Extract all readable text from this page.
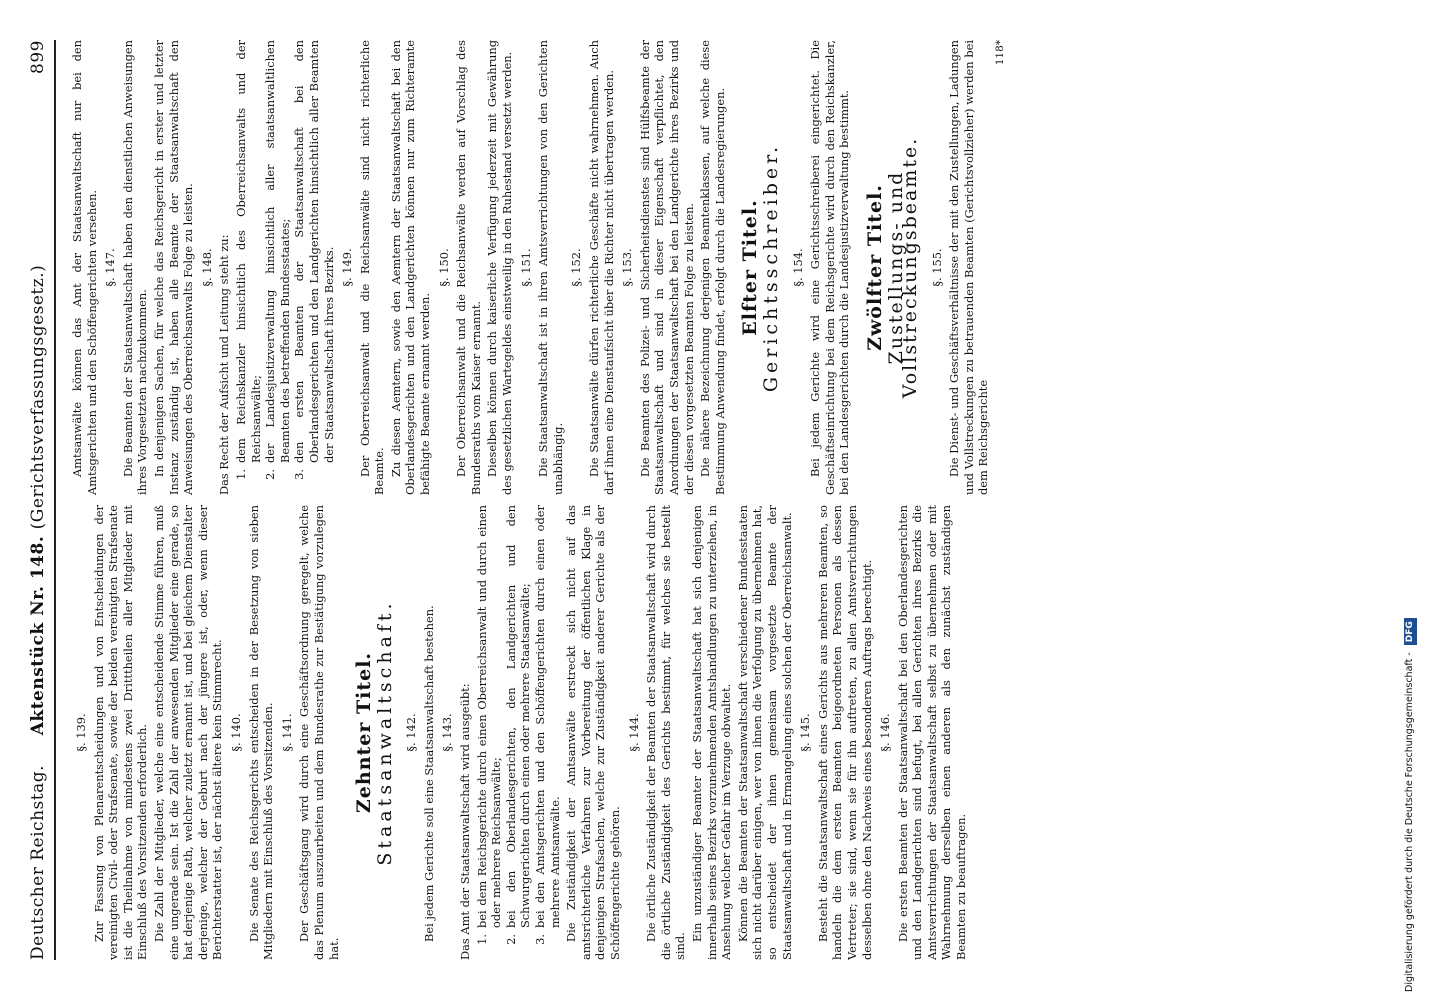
Deutscher Reichstag.
Aktenstück Nr. 148. (Gerichtsverfassungsgesetz.)
899
§. 139. Zur Fassung von Plenarentscheidungen und von Entscheidungen der vereinigten Civil- oder Strafsenate, sowie der beiden vereinigten Strafsenate ist die Theilnahme von mindestens zwei Dritttheilen aller Mitglieder mit Einschluß des Vorsitzenden erforderlich. Die Zahl der Mitglieder, welche eine entscheidende Stimme führen, muß eine ungerade sein. Ist die Zahl der anwesenden Mitglieder eine gerade, so hat derjenige Rath, welcher zuletzt ernannt ist, und bei gleichem Dienstalter derjenige, welcher der Geburt nach der jüngere ist, oder, wenn dieser Berichterstatter ist, der nächst ältere kein Stimmrecht. §. 140. Die Senate des Reichsgerichts entscheiden in der Besetzung von sieben Mitgliedern mit Einschluß des Vorsitzenden. §. 141. Der Geschäftsgang wird durch eine Geschäftsordnung geregelt, welche das Plenum auszuarbeiten und dem Bundesrathe zur Bestätigung vorzulegen hat.

Zehnter Titel.
Staatsanwaltschaft. §. 142. Bei jedem Gerichte soll eine Staatsanwaltschaft bestehen. §. 143. Das Amt der Staatsanwaltschaft wird ausgeübt: 1.
bei dem Reichsgerichte durch einen Oberreichsanwalt und durch einen oder mehrere Reichsanwälte;
2.
bei den Oberlandesgerichten, den Landgerichten und den Schwurgerichten durch einen oder mehrere Staatsanwälte;
3.
bei den Amtsgerichten und den Schöffengerichten durch einen oder mehrere Amtsanwälte. Die Zuständigkeit der Amtsanwälte erstreckt sich nicht auf das amtsrichterliche Verfahren zur Vorbereitung der öffentlichen Klage in denjenigen Strafsachen, welche zur Zuständigkeit anderer Gerichte als der Schöffengerichte gehören.

§. 144. Die örtliche Zuständigkeit der Beamten der Staatsanwaltschaft wird durch die örtliche Zuständigkeit des Gerichts bestimmt, für welches sie bestellt sind.

Ein unzuständiger Beamter der Staatsanwaltschaft hat sich denjenigen innerhalb seines Bezirks vorzunehmenden Amtshandlungen zu unterziehen, in Ansehung welcher Gefahr im Verzuge obwaltet. Können die Beamten der Staatsanwaltschaft verschiedener Bundesstaaten sich nicht darüber einigen, wer von ihnen die Verfolgung zu übernehmen hat, so entscheidet der ihnen gemeinsam vorgesetzte Beamte der Staatsanwaltschaft und in Ermangelung eines solchen der Oberreichsanwalt. §. 145. Besteht die Staatsanwaltschaft eines Gerichts aus mehreren Beamten, so handeln die dem ersten Beamten beigeordneten Personen als dessen Vertreter; sie sind, wenn sie für ihn auftreten, zu allen Amtsverrichtungen desselben ohne den Nachweis eines besonderen Auftrags berechtigt. §. 146. Die ersten Beamten der Staatsanwaltschaft bei den Oberlandesgerichten und den Landgerichten sind befugt, bei allen Gerichten ihres Bezirks die Amtsverrichtungen der Staatsanwaltschaft selbst zu übernehmen oder mit Wahrnehmung derselben einen anderen als den zunächst zuständigen Beamten zu beauftragen.

Amtsanwälte können das Amt der Staatsanwaltschaft nur bei den Amtsgerichten und den Schöffengerichten versehen. §. 147. Die Beamten der Staatsanwaltschaft haben den dienstlichen Anweisungen ihres Vorgesetzten nachzukommen. In denjenigen Sachen, für welche das Reichsgericht in erster und letzter Instanz zuständig ist, haben alle Beamte der Staatsanwaltschaft den Anweisungen des Oberreichsanwalts Folge zu leisten. §. 148. Das Recht der Aufsicht und Leitung steht zu: 1.
dem Reichskanzler hinsichtlich des Oberreichsanwalts und der Reichsanwälte;
2.
der Landesjustizverwaltung hinsichtlich aller staatsanwaltlichen Beamten des betreffenden Bundesstaates;
3.
den ersten Beamten der Staatsanwaltschaft bei den Oberlandesgerichten und den Landgerichten hinsichtlich aller Beamten der Staatsanwaltschaft ihres Bezirks. §. 149. Der Oberreichsanwalt und die Reichsanwälte sind nicht richterliche Beamte. Zu diesen Aemtern, sowie den Aemtern der Staatsanwaltschaft bei den Oberlandesgerichten und den Landgerichten können nur zum Richteramte befähigte Beamte ernannt werden.

§. 150. Der Oberreichsanwalt und die Reichsanwälte werden auf Vorschlag des Bundesraths vom Kaiser ernannt. Dieselben können durch kaiserliche Verfügung jederzeit mit Gewährung des gesetzlichen Wartegeldes einstweilig in den Ruhestand versetzt werden. §. 151. Die Staatsanwaltschaft ist in ihren Amtsverrichtungen von den Gerichten unabhängig.

§. 152. Die Staatsanwälte dürfen richterliche Geschäfte nicht wahrnehmen. Auch darf ihnen eine Dienstaufsicht über die Richter nicht übertragen werden. §. 153. Die Beamten des Polizei- und Sicherheitsdienstes sind Hülfsbeamte der Staatsanwaltschaft und sind in dieser Eigenschaft verpflichtet, den Anordnungen der Staatsanwaltschaft bei den Landgerichte ihres Bezirks und der diesen vorgesetzten Beamten Folge zu leisten. Die nähere Bezeichnung derjenigen Beamtenklassen, auf welche diese Bestimmung Anwendung findet, erfolgt durch die Landesregierungen. Elfter Titel.
Gerichtsschreiber. §. 154. Bei jedem Gerichte wird eine Gerichtsschreiberei eingerichtet. Die Geschäftseinrichtung bei dem Reichsgerichte wird durch den Reichskanzler, bei den Landesgerichten durch die Landesjustizverwaltung bestimmt. Zwölfter Titel.
Zustellungs- und Vollstreckungsbeamte. §. 155. Die Dienst- und Geschäftsverhältnisse der mit den Zustellungen, Ladungen und Vollstreckungen zu betrauenden Beamten (Gerichtsvollzieher) werden bei dem Reichsgerichte

118*
Digitalisierung gefördert durch die Deutsche Forschungsgemeinschaft - DFG
